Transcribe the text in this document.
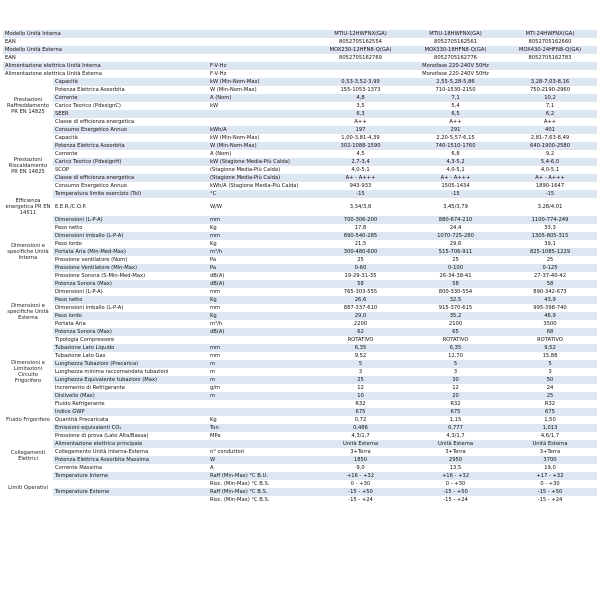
Modello Unità Interna			MTIU-12HWFNX(GA)	MTIU-18HWFNX(GA)	MTI-24HWFNX(GA)
EAN			8052705162554	8052705162561	8052705162660
Modello Unità Esterna			MOX230-12HFN8-Q(GA)	MOX330-18HFN8-Q(GA)	MOX430-24HFN8-Q(GA)
EAN			8052705162769	8052705162776	8052705162783
Alimentazione elettrica Unità Interna		F-V-Hz		Monofase 220-240V 50Hz	
Alimentazione elettrica Unità Esterna		F-V-Hz		Monofase 220-240V 50Hz	
Prestazioni Raffreddamento PR EN 14825	Capacità	kW (Min-Nom-Max)	0,53-3,52-3,99	2,55-5,28-5,86	3,28-7,03-8,16
	Potenza Elettrica Assorbita	W (Min-Nom-Max)	155-1053-1373	710-1530-2150	750-2190-2960
	Corrente	A (Nom)	4,8	7,1	10,2
	Carico Teorico (PdesignC)	kW	3,5	5,4	7,1
	SEER		6,3	6,5	6,2
	Classe di efficienza energetica		A++	A++	A++
	Consumo Energetico Annuo	kWh/A	197	291	401
Prestazioni Riscaldamento PR EN 14825	Capacità	kW (Min-Nom-Max)	1,00-3,81-4,39	2,20-5,57-6,15	2,81-7,63-8,49
	Potenza Elettrica Assorbita	W (Min-Nom-Max)	302-1088-1590	740-1510-1760	640-1900-2580
	Corrente	A (Nom)	4,5	6,8	9,2
	Carico Teorico (PdesignH)	kW (Stagione Media-Più Calda)	2,7-3,4	4,3-5,2	5,4-6,0
	SCOP	(Stagione Media-Più Calda)	4,0-5,1	4,0-5,1	4,0-5,1
	Classe di efficienza energetica	(Stagione Media-Più Calda)	A+ - A+++	A+ - A+++	A+ - A+++
	Consumo Energetico Annuo	kWh/A (Stagione Media-Più Calda)	943-933	1505-1434	1890-1647
	Temperatura limite esercizio (Tol)	°C	-15	-15	-15
Efficienza energetica PR EN 14511	E.E.R./C.O.P.	W/W	3,34/3,8	3,45/3,79	3,28/4,01
Dimensioni e specifiche Unità Interna	Dimensioni (L-P-A)	mm	700-306-200	880-674-210	1100-774-249
	Peso netto	Kg	17,8	24,4	33,3
	Dimensioni imballo (L-P-A)	mm	890-540-285	1070-725-280	1305-805-315
	Peso lordo	Kg	21,5	29,6	39,1
	Portata Aria (Min-Med-Max)	m³/h	300-480-600	515-706-911	825-1085-1229
	Pressione ventilatore (Nom)	Pa	25	25	25
	Pressione Ventilatore (Min-Max)	Pa	0-60	0-100	0-125
	Pressione Sonora (S-Min-Med-Max)	dB(A)	19-29-31-35	26-34-38-41	27-37-40-42
	Potenza Sonora (Max)	dB(A)	58	58	58
Dimensioni e specifiche Unità Esterna	Dimensioni (L-P-A)	mm	765-303-555	800-330-554	890-342-673
	Peso netto	Kg	26,6	32,5	43,9
	Dimensioni imballo (L-P-A)	mm	887-337-610	915-370-615	995-398-740
	Peso lordo	Kg	29,0	35,2	46,9
	Portata Aria	m³/h	2200	2100	3500
	Potenza Sonora (Max)	dB(A)	62	65	68
	Tipologia Compressore		ROTATIVO	ROTATIVO	ROTATIVO
Dimensioni e Limitazioni Circuito Frigorifero	Tubazione Lato Liquido	mm	6,35	6,35	9,52
	Tubazione Lato Gas	mm	9,52	12,70	15,88
	Lunghezza Tubazioni (Precarica)	m	5	5	5
	Lunghezza minima raccomandata tubazioni	m	3	3	3
	Lunghezza Equivalente tubazioni (Max)	m	25	30	50
	Incremento di Refrigerante	g/m	12	12	24
	Dislivello (Max)	m	10	20	25
Fluido Frigorifero	Fluido Refrigerante		R32	R32	R32
	Indice GWP		675	675	675
	Quantità Precaricata	Kg	0,72	1,15	1,50
	Emissioni equivalenti CO₂	Ton	0,486	0,777	1,013
	Pressione di prova (Lato Alta/Bassa)	MPa	4,3/1,7	4,3/1,7	4,6/1,7
Collegamenti Elettrici	Alimentazione elettrica principale		Unità Esterna	Unità Esterna	Unità Esterna
	Collegamento Unità Interna-Esterna	n° conduttori	3+Terra	3+Terra	3+Terra
	Potenza Elettrica Assorbita Massima	W	1850	2950	3700
	Corrente Massima	A	9,0	13,5	19,0
Limiti Operativi	Temperature Interne	Raff (Min-Max) °C B.U.	+16 - +32	+16 - +32	+17 - +32
		Risc. (Min-Max) °C B.S.	0 - +30	0 - +30	0 - +30
	Temperature Esterne	Raff (Min-Max) °C B.S.	-15 - +50	-15 - +50	-15 - +50
		Risc. (Min-Max) °C B.S.	-15 - +24	-15 - +24	-15 - +24
